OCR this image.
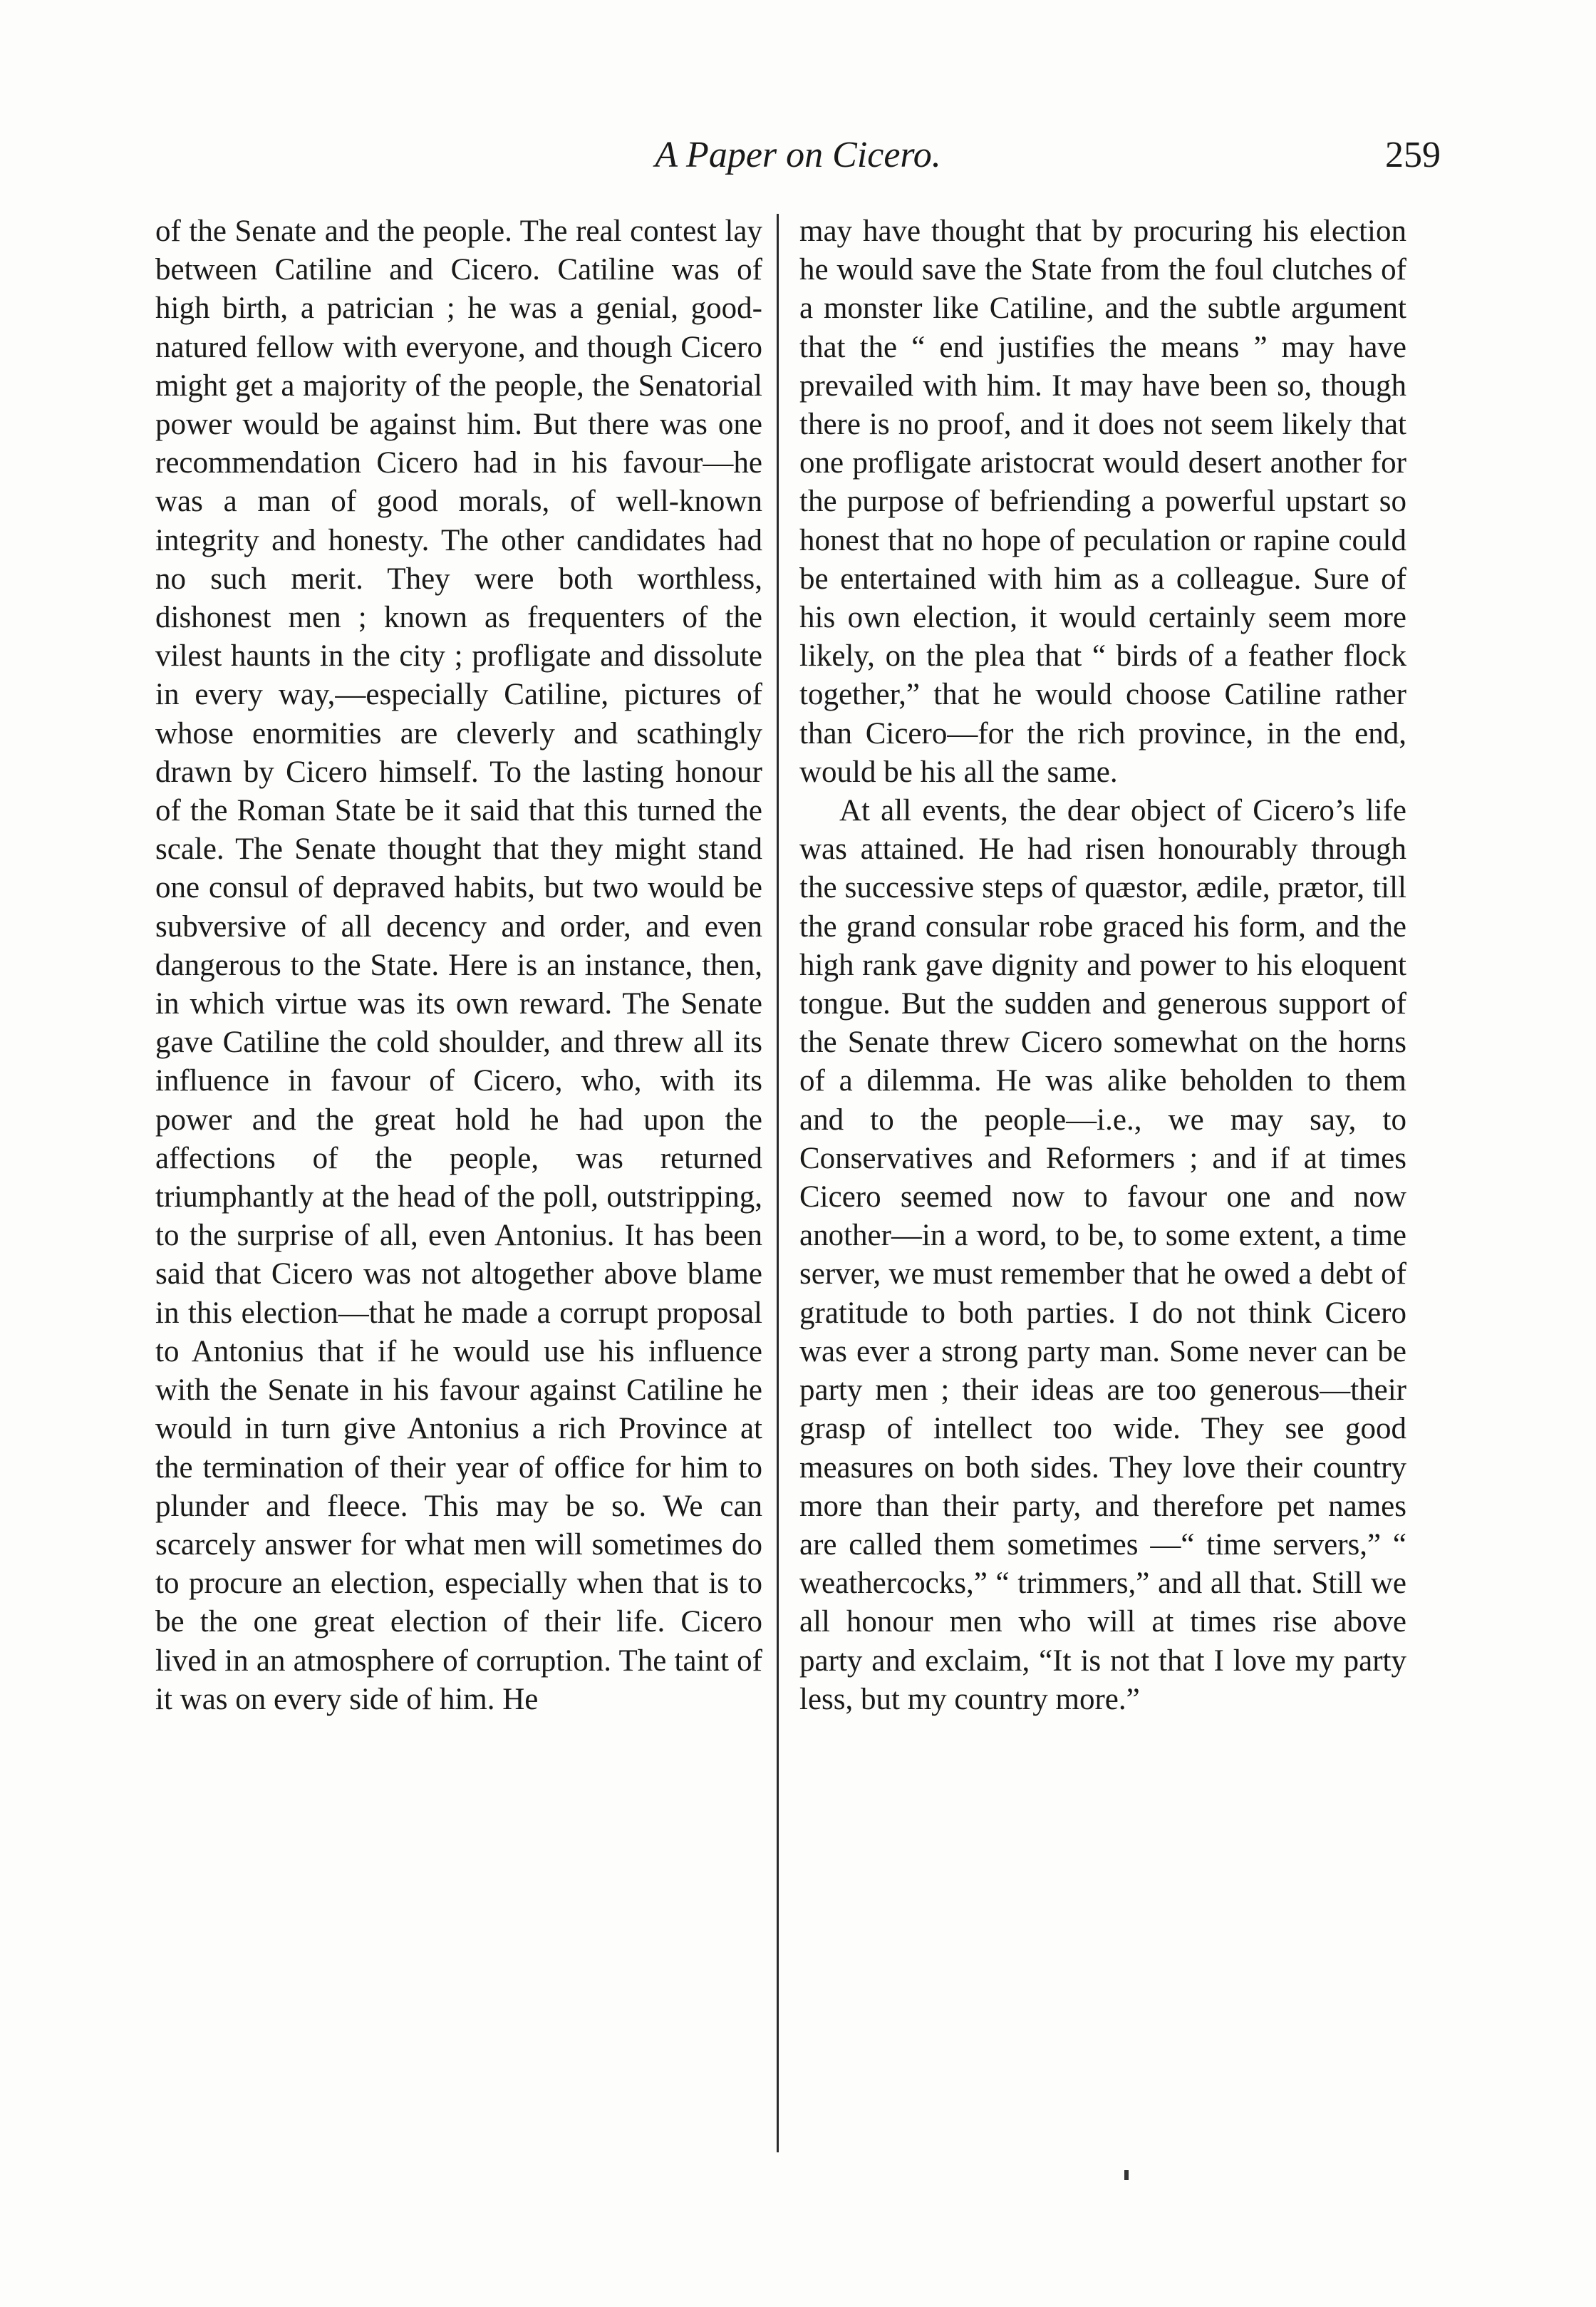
A Paper on Cicero.	259

of the Senate and the people. The real contest lay between Catiline and Cicero. Catiline was of high birth, a patrician ; he was a genial, good-natured fellow with everyone, and though Cicero might get a majority of the people, the Senatorial power would be against him. But there was one recommendation Cicero had in his favour—he was a man of good morals, of well-known integrity and honesty. The other candidates had no such merit. They were both worthless, dishonest men ; known as frequenters of the vilest haunts in the city ; profligate and dissolute in every way,—especially Catiline, pictures of whose enormities are cleverly and scathingly drawn by Cicero himself. To the lasting honour of the Roman State be it said that this turned the scale. The Senate thought that they might stand one consul of depraved habits, but two would be subversive of all decency and order, and even dangerous to the State. Here is an instance, then, in which virtue was its own reward. The Senate gave Catiline the cold shoulder, and threw all its influence in favour of Cicero, who, with its power and the great hold he had upon the affections of the people, was returned triumphantly at the head of the poll, outstripping, to the surprise of all, even Antonius. It has been said that Cicero was not altogether above blame in this election—that he made a corrupt proposal to Antonius that if he would use his influence with the Senate in his favour against Catiline he would in turn give Antonius a rich Province at the termination of their year of office for him to plunder and fleece. This may be so. We can scarcely answer for what men will sometimes do to procure an election, especially when that is to be the one great election of their life. Cicero lived in an atmosphere of corruption. The taint of it was on every side of him. He

may have thought that by procuring his election he would save the State from the foul clutches of a monster like Catiline, and the subtle argument that the “ end justifies the means ” may have prevailed with him. It may have been so, though there is no proof, and it does not seem likely that one profligate aristocrat would desert another for the purpose of befriending a powerful upstart so honest that no hope of peculation or rapine could be entertained with him as a colleague. Sure of his own election, it would certainly seem more likely, on the plea that “ birds of a feather flock together,” that he would choose Catiline rather than Cicero—for the rich province, in the end, would be his all the same.

At all events, the dear object of Cicero’s life was attained. He had risen honourably through the successive steps of quæstor, ædile, prætor, till the grand consular robe graced his form, and the high rank gave dignity and power to his eloquent tongue. But the sudden and generous support of the Senate threw Cicero somewhat on the horns of a dilemma. He was alike beholden to them and to the people—i.e., we may say, to Conservatives and Reformers ; and if at times Cicero seemed now to favour one and now another—in a word, to be, to some extent, a time server, we must remember that he owed a debt of gratitude to both parties. I do not think Cicero was ever a strong party man. Some never can be party men ; their ideas are too generous—their grasp of intellect too wide. They see good measures on both sides. They love their country more than their party, and therefore pet names are called them sometimes —“ time servers,” “ weathercocks,” “ trimmers,” and all that. Still we all honour men who will at times rise above party and exclaim, “It is not that I love my party less, but my country more.”
